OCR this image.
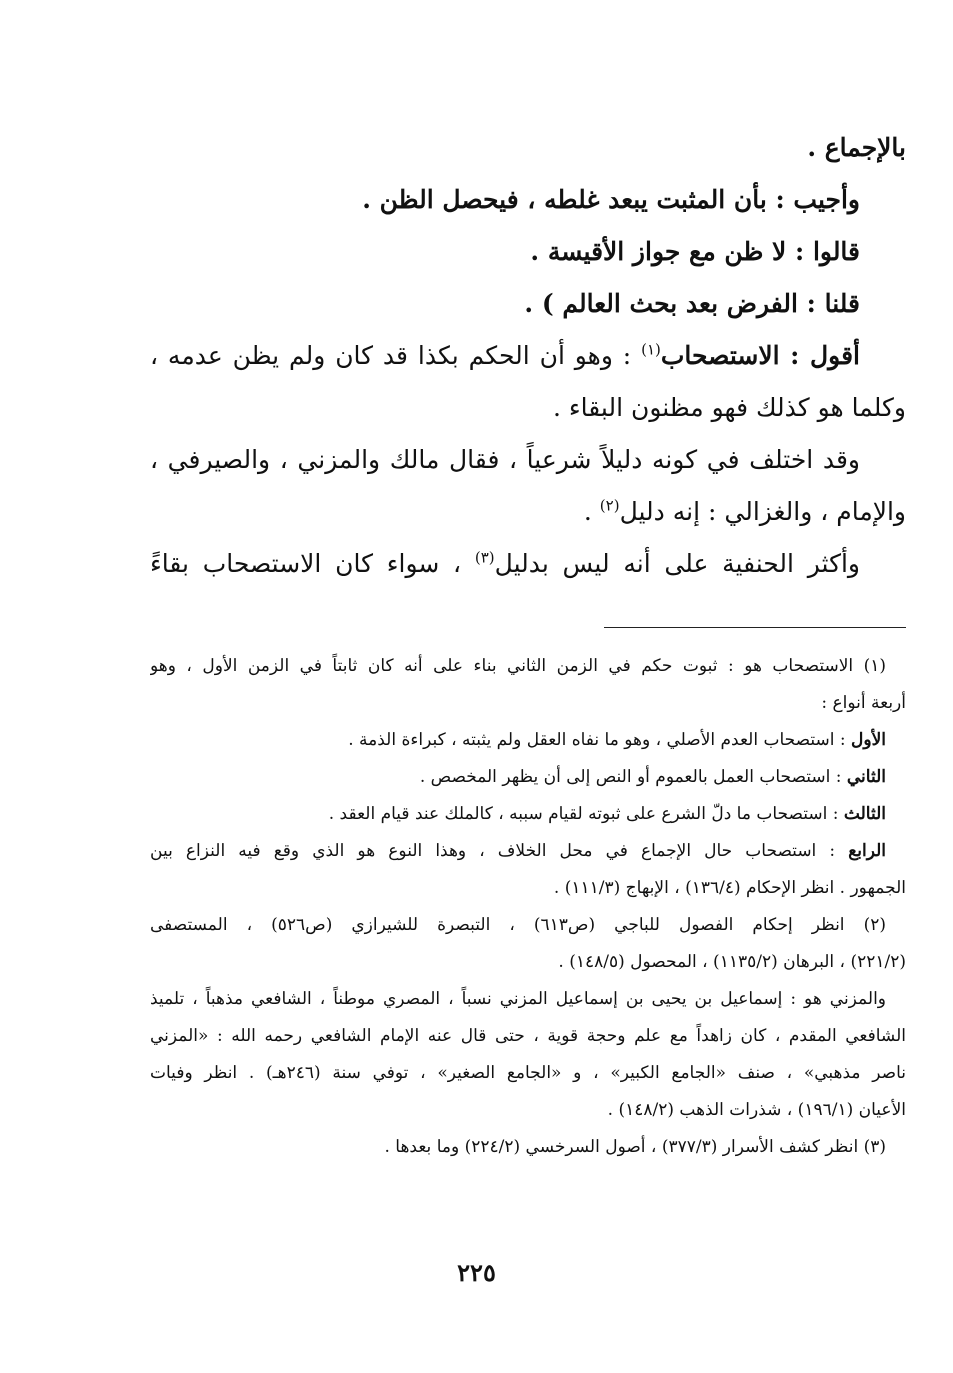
بالإجماع .

وأجيب : بأن المثبت يبعد غلطه ، فيحصل الظن .

قالوا : لا ظن مع جواز الأقيسة .

قلنا : الفرض بعد بحث العالم ) .

أقول : الاستصحاب$^{(١)}$ : وهو أن الحكم بكذا قد كان ولم يظن عدمه ،

وكلما هو كذلك فهو مظنون البقاء .

وقد اختلف في كونه دليلاً شرعياً ، فقال مالك والمزني ، والصيرفي ،

والإمام ، والغزالي : إنه دليل$^{(٢)}$ .

وأكثر الحنفية على أنه ليس بدليل$^{(٣)}$ ، سواء كان الاستصحاب بقاءً

(١) الاستصحاب هو : ثبوت حكم في الزمن الثاني بناء على أنه كان ثابتاً في الزمن الأول ، وهو

أربعة أنواع :

الأول : استصحاب العدم الأصلي ، وهو ما نفاه العقل ولم يثبته ، كبراءة الذمة .

الثاني : استصحاب العمل بالعموم أو النص إلى أن يظهر المخصص .

الثالث : استصحاب ما دلّ الشرع على ثبوته لقيام سببه ، كالملك عند قيام العقد .

الرابع : استصحاب حال الإجماع في محل الخلاف ، وهذا النوع هو الذي وقع فيه النزاع بين

الجمهور . انظر الإحكام (١٣٦/٤) ، الإبهاج (١١١/٣) .

(٢) انظر إحكام الفصول للباجي (ص٦١٣) ، التبصرة للشيرازي (ص٥٢٦) ، المستصفى

(٢٢١/٢) ، البرهان (١١٣٥/٢) ، المحصول (١٤٨/٥) .

والمزني هو : إسماعيل بن يحيى بن إسماعيل المزني نسباً ، المصري موطناً ، الشافعي مذهباً ، تلميذ

الشافعي المقدم ، كان زاهداً مع علم وحجة قوية ، حتى قال عنه الإمام الشافعي رحمه الله : «المزني

ناصر مذهبي» ، صنف «الجامع الكبير» ، و «الجامع الصغير» ، توفي سنة (٢٤٦هـ) . انظر وفيات

الأعيان (١٩٦/١) ، شذرات الذهب (١٤٨/٢) .

(٣) انظر كشف الأسرار (٣٧٧/٣) ، أصول السرخسي (٢٢٤/٢) وما بعدها .

٢٢٥
